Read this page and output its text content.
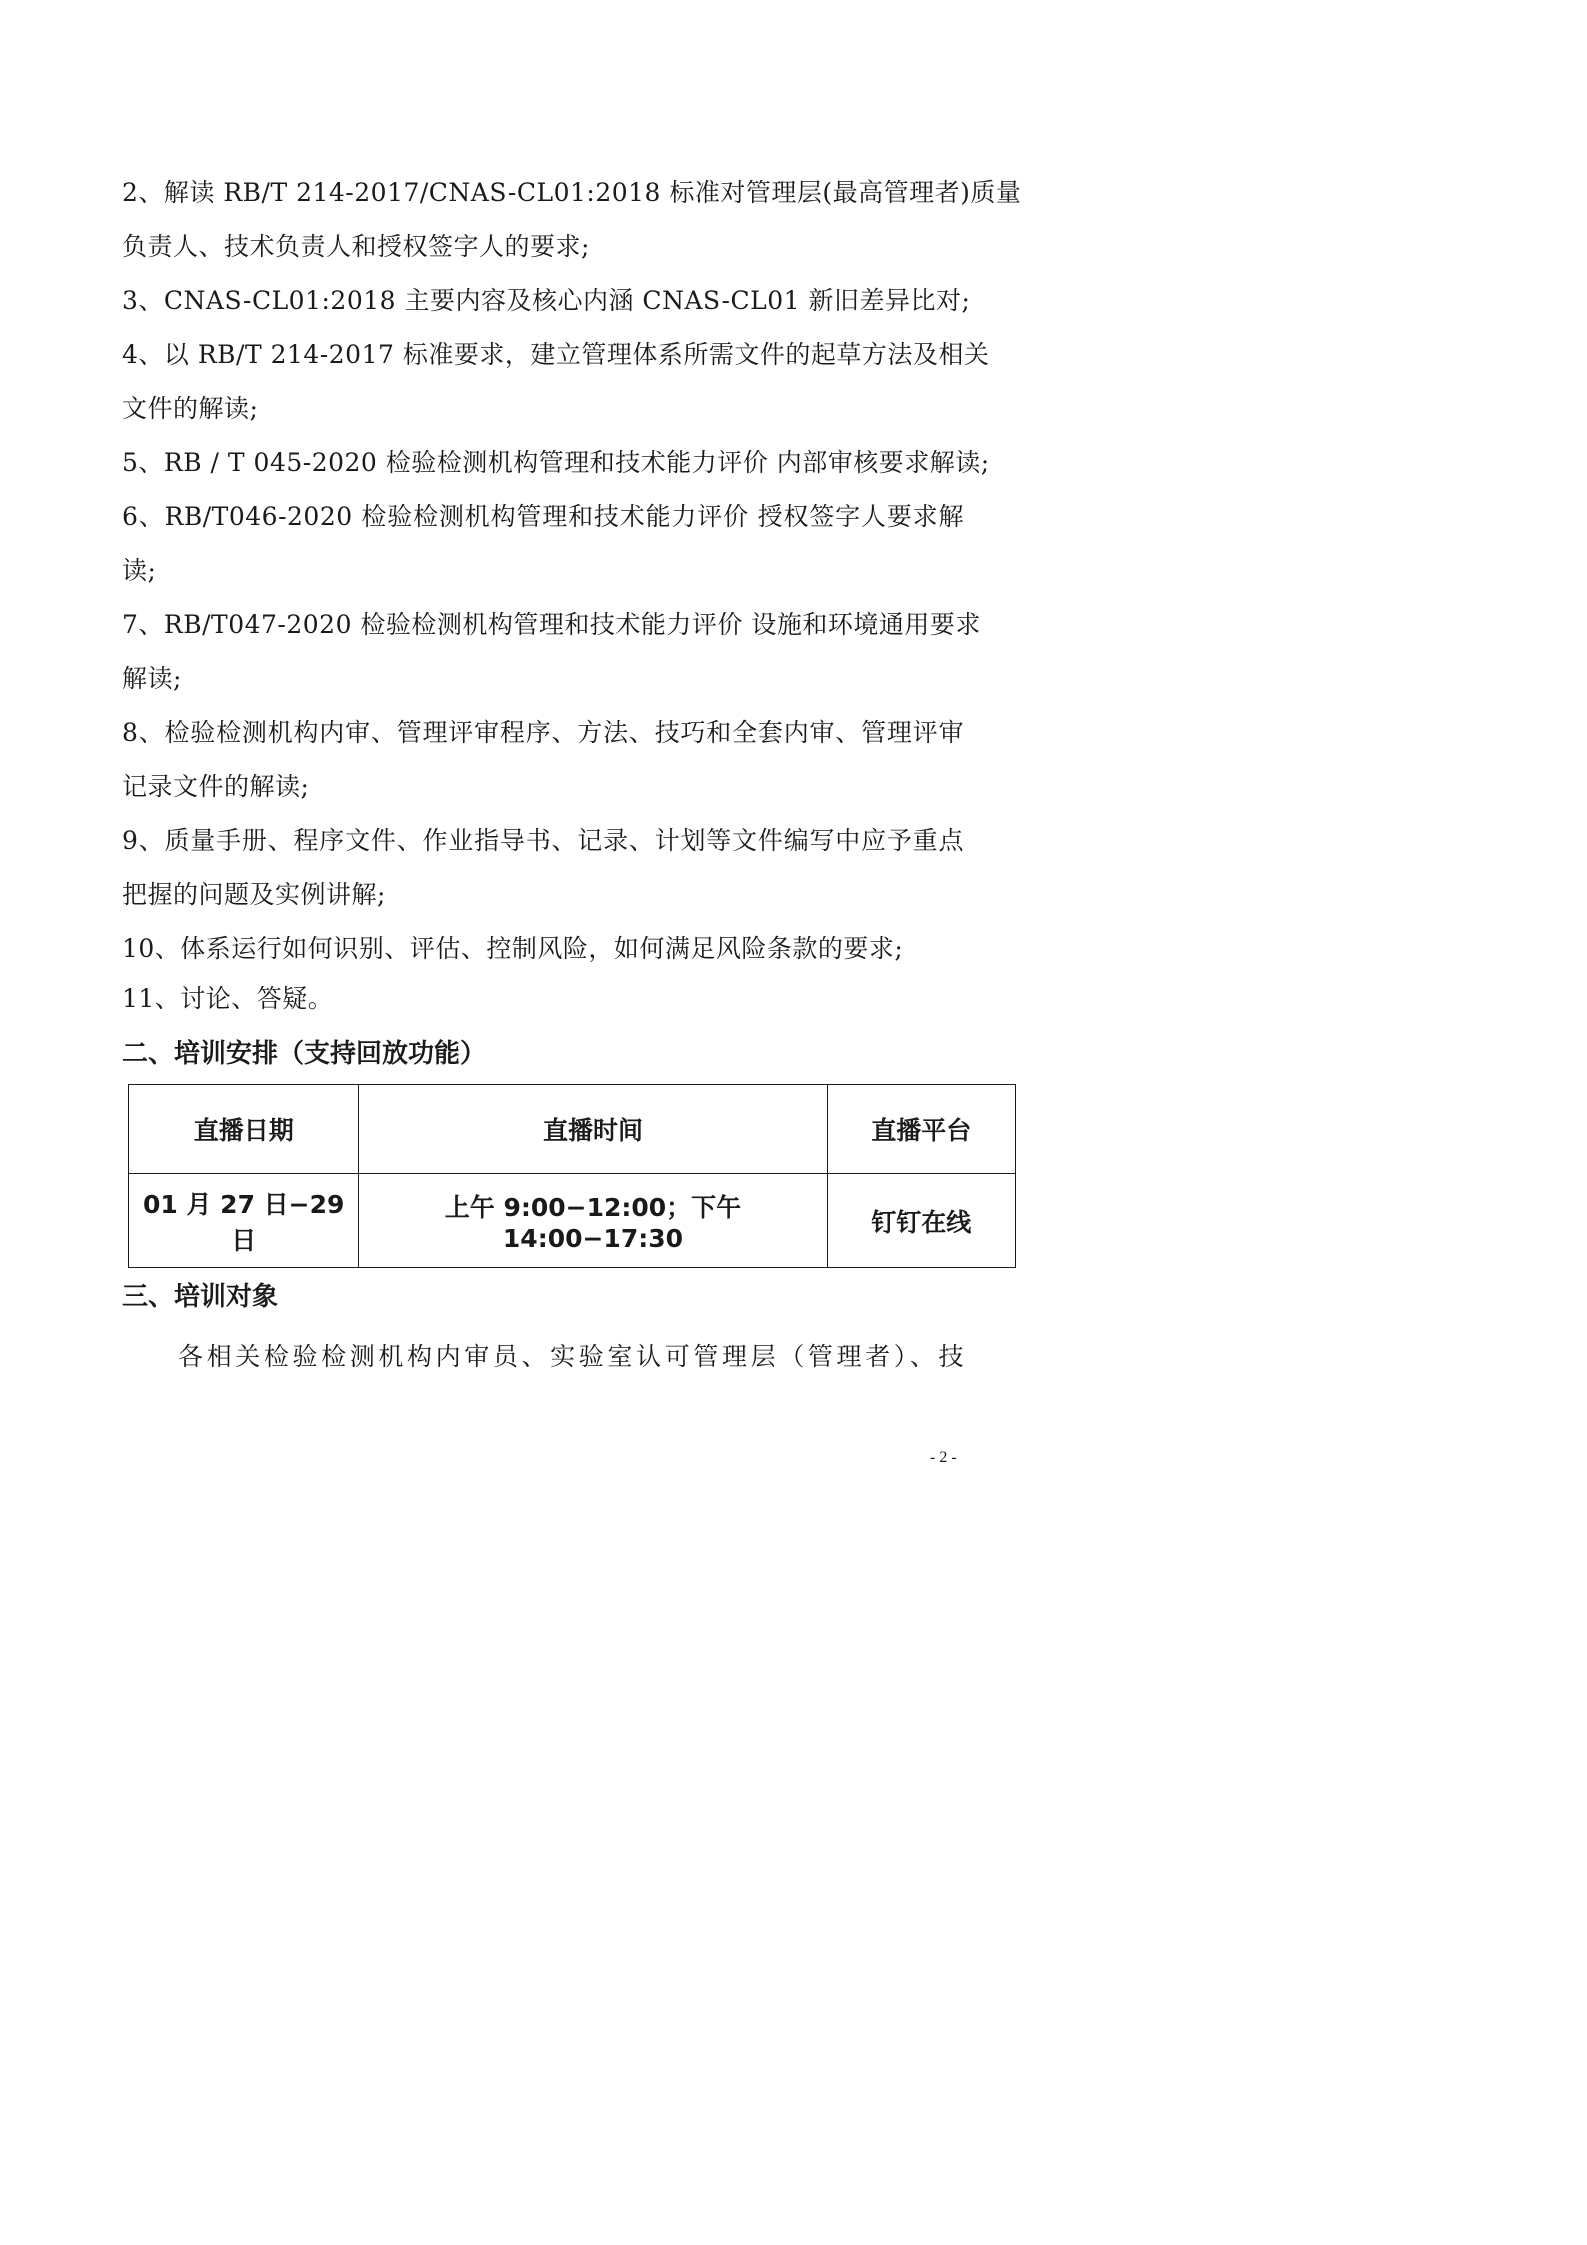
2、解读 RB/T 214-2017/CNAS-CL01:2018 标准对管理层(最高管理者)质量
负责人、技术负责人和授权签字人的要求;
3、CNAS-CL01:2018 主要内容及核心内涵 CNAS-CL01 新旧差异比对;
4、以 RB/T 214-2017 标准要求，建立管理体系所需文件的起草方法及相关
文件的解读;
5、RB / T 045-2020 检验检测机构管理和技术能力评价 内部审核要求解读;
6、RB/T046-2020 检验检测机构管理和技术能力评价 授权签字人要求解
读;
7、RB/T047-2020 检验检测机构管理和技术能力评价 设施和环境通用要求
解读;
8、检验检测机构内审、管理评审程序、方法、技巧和全套内审、管理评审
记录文件的解读;
9、质量手册、程序文件、作业指导书、记录、计划等文件编写中应予重点
把握的问题及实例讲解;
10、体系运行如何识别、评估、控制风险，如何满足风险条款的要求;
11、讨论、答疑。
二、培训安排（支持回放功能）
直播日期	直播时间	直播平台
01 月 27 日−29 日	上午 9:00−12:00；下午 14:00−17:30	钉钉在线
三、培训对象
各相关检验检测机构内审员、实验室认可管理层（管理者）、技
- 2 -
